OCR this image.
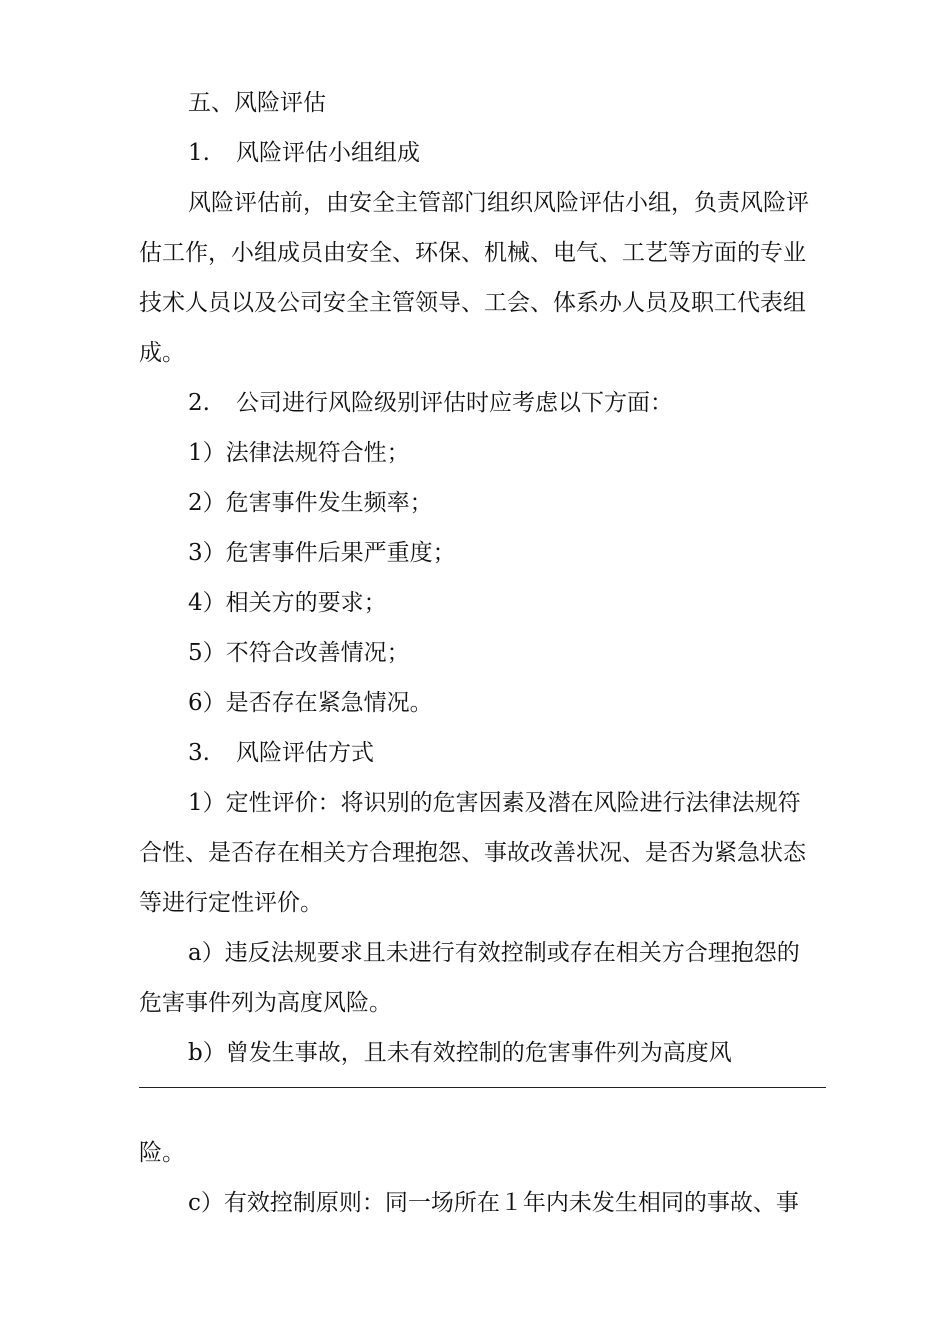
五、风险评估
1. 风险评估小组组成
风险评估前，由安全主管部门组织风险评估小组，负责风险评
估工作，小组成员由安全、环保、机械、电气、工艺等方面的专业
技术人员以及公司安全主管领导、工会、体系办人员及职工代表组
成。
2. 公司进行风险级别评估时应考虑以下方面：
1）法律法规符合性；
2）危害事件发生频率；
3）危害事件后果严重度；
4）相关方的要求；
5）不符合改善情况；
6）是否存在紧急情况。
3. 风险评估方式
1）定性评价：将识别的危害因素及潜在风险进行法律法规符
合性、是否存在相关方合理抱怨、事故改善状况、是否为紧急状态
等进行定性评价。
a）违反法规要求且未进行有效控制或存在相关方合理抱怨的
危害事件列为高度风险。
b）曾发生事故，且未有效控制的危害事件列为高度风
险。
c）有效控制原则：同一场所在１年内未发生相同的事故、事
